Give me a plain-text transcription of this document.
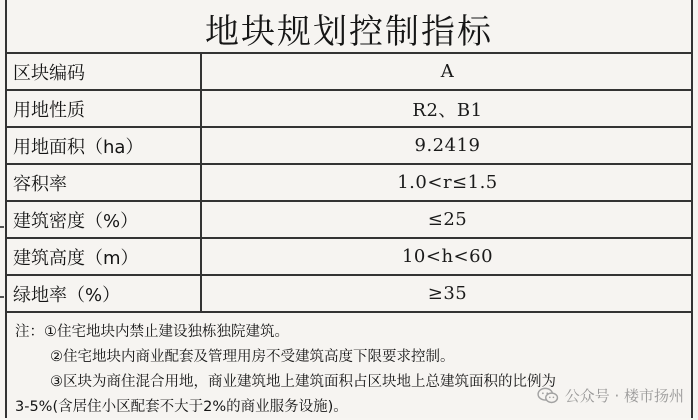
地块规划控制指标
区块编码	A
用地性质	R2、B1
用地面积（ha）	9.2419
容积率	1.0<r≤1.5
建筑密度（%）	≤25
建筑高度（m）	10<h<60
绿地率（%）	≥35
注：①住宅地块内禁止建设独栋独院建筑。
②住宅地块内商业配套及管理用房不受建筑高度下限要求控制。
③区块为商住混合用地，商业建筑地上建筑面积占区块地上总建筑面积的比例为
3-5%(含居住小区配套不大于2%的商业服务设施)。
公众号 · 楼市扬州
